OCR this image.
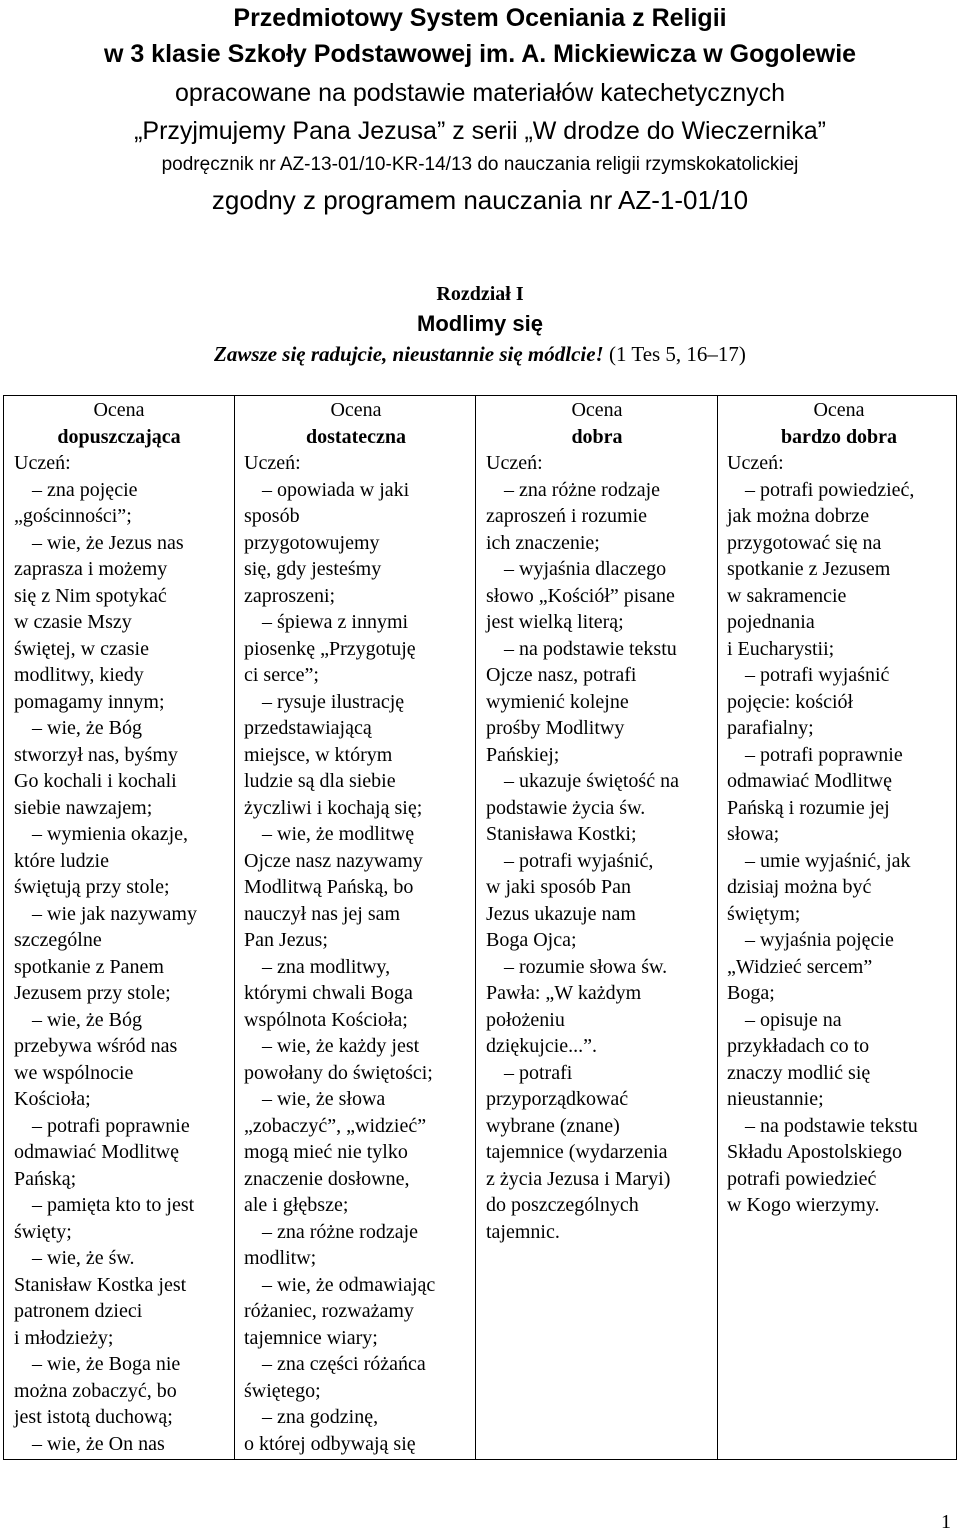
Przedmiotowy System Oceniania z Religii
w 3 klasie Szkoły Podstawowej im. A. Mickiewicza w Gogolewie
opracowane na podstawie materiałów katechetycznych
„Przyjmujemy Pana Jezusa” z serii „W drodze do Wieczernika”
podręcznik nr AZ-13-01/10-KR-14/13 do nauczania religii rzymskokatolickiej
zgodny z programem nauczania nr AZ-1-01/10
Rozdział I
Modlimy się
Zawsze się radujcie, nieustannie się módlcie! (1 Tes 5, 16–17)
Ocena
dopuszczająca
Uczeń:
– zna pojęcie
„gościnności”;
– wie, że Jezus nas
zaprasza i możemy
się z Nim spotykać
w czasie Mszy
świętej, w czasie
modlitwy, kiedy
pomagamy innym;
– wie, że Bóg
stworzył nas, byśmy
Go kochali i kochali
siebie nawzajem;
– wymienia okazje,
które ludzie
świętują przy stole;
– wie jak nazywamy
szczególne
spotkanie z Panem
Jezusem przy stole;
– wie, że Bóg
przebywa wśród nas
we wspólnocie
Kościoła;
– potrafi poprawnie
odmawiać Modlitwę
Pańską;
– pamięta kto to jest
święty;
– wie, że św.
Stanisław Kostka jest
patronem dzieci
i młodzieży;
– wie, że Boga nie
można zobaczyć, bo
jest istotą duchową;
– wie, że On nas
Ocena
dostateczna
Uczeń:
– opowiada w jaki
sposób
przygotowujemy
się, gdy jesteśmy
zaproszeni;
– śpiewa z innymi
piosenkę „Przygotuję
ci serce”;
– rysuje ilustrację
przedstawiającą
miejsce, w którym
ludzie są dla siebie
życzliwi i kochają się;
– wie, że modlitwę
Ojcze nasz nazywamy
Modlitwą Pańską, bo
nauczył nas jej sam
Pan Jezus;
– zna modlitwy,
którymi chwali Boga
wspólnota Kościoła;
– wie, że każdy jest
powołany do świętości;
– wie, że słowa
„zobaczyć”, „widzieć”
mogą mieć nie tylko
znaczenie dosłowne,
ale i głębsze;
– zna różne rodzaje
modlitw;
– wie, że odmawiając
różaniec, rozważamy
tajemnice wiary;
– zna części różańca
świętego;
– zna godzinę,
o której odbywają się
Ocena
dobra
Uczeń:
– zna różne rodzaje
zaproszeń i rozumie
ich znaczenie;
– wyjaśnia dlaczego
słowo „Kościół” pisane
jest wielką literą;
– na podstawie tekstu
Ojcze nasz, potrafi
wymienić kolejne
prośby Modlitwy
Pańskiej;
– ukazuje świętość na
podstawie życia św.
Stanisława Kostki;
– potrafi wyjaśnić,
w jaki sposób Pan
Jezus ukazuje nam
Boga Ojca;
– rozumie słowa św.
Pawła: „W każdym
położeniu
dziękujcie...”.
– potrafi
przyporządkować
wybrane (znane)
tajemnice (wydarzenia
z życia Jezusa i Maryi)
do poszczególnych
tajemnic.
Ocena
bardzo dobra
Uczeń:
– potrafi powiedzieć,
jak można dobrze
przygotować się na
spotkanie z Jezusem
w sakramencie
pojednania
i Eucharystii;
– potrafi wyjaśnić
pojęcie: kościół
parafialny;
– potrafi poprawnie
odmawiać Modlitwę
Pańską i rozumie jej
słowa;
– umie wyjaśnić, jak
dzisiaj można być
świętym;
– wyjaśnia pojęcie
„Widzieć sercem”
Boga;
– opisuje na
przykładach co to
znaczy modlić się
nieustannie;
– na podstawie tekstu
Składu Apostolskiego
potrafi powiedzieć
w Kogo wierzymy.
1
